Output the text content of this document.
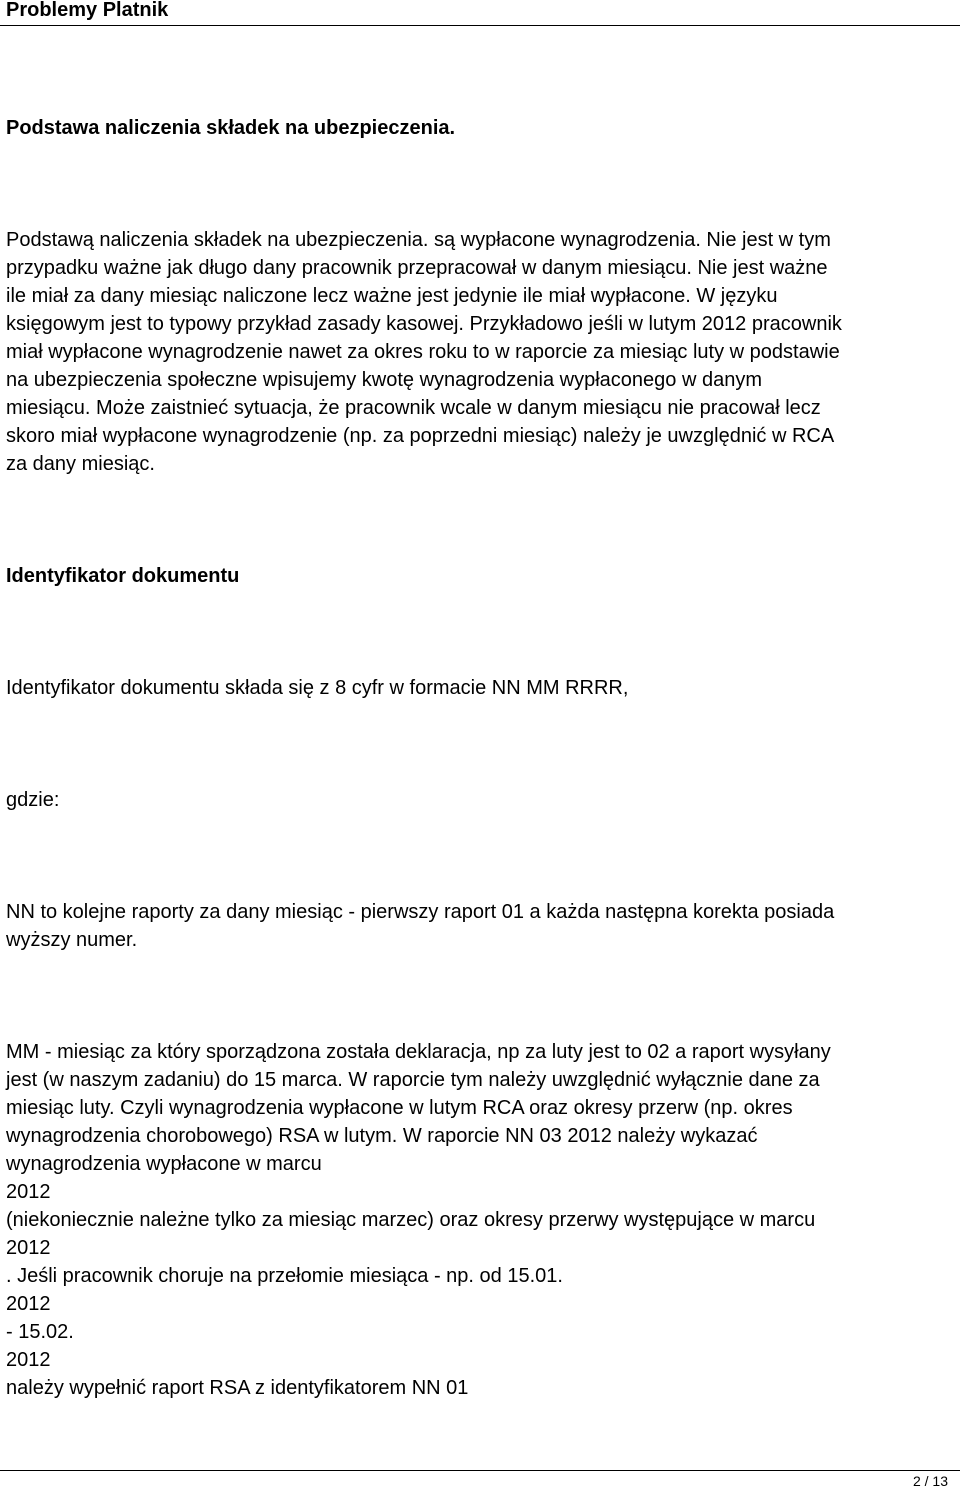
Problemy Platnik
Podstawa naliczenia składek na ubezpieczenia.
Podstawą naliczenia składek na ubezpieczenia. są wypłacone wynagrodzenia. Nie jest w tym
przypadku ważne jak długo dany pracownik przepracował w danym miesiącu. Nie jest ważne
ile miał za dany miesiąc naliczone lecz ważne jest jedynie ile miał wypłacone. W języku
księgowym jest to typowy przykład zasady kasowej. Przykładowo jeśli w lutym 2012 pracownik
miał wypłacone wynagrodzenie nawet za okres roku to w raporcie za miesiąc luty w podstawie
na ubezpieczenia społeczne wpisujemy kwotę wynagrodzenia wypłaconego w danym
miesiącu. Może zaistnieć sytuacja, że pracownik wcale w danym miesiącu nie pracował lecz
skoro miał wypłacone wynagrodzenie (np. za poprzedni miesiąc) należy je uwzględnić w RCA
za dany miesiąc.
Identyfikator dokumentu
Identyfikator dokumentu składa się z 8 cyfr w formacie NN MM RRRR,
gdzie:
NN to kolejne raporty za dany miesiąc - pierwszy raport 01 a każda następna korekta posiada
wyższy numer.
MM - miesiąc za który sporządzona została deklaracja, np za luty jest to 02 a raport wysyłany
jest (w naszym zadaniu) do 15 marca. W raporcie tym należy uwzględnić wyłącznie dane za
miesiąc luty. Czyli wynagrodzenia wypłacone w lutym RCA oraz okresy przerw (np. okres
wynagrodzenia chorobowego) RSA w lutym. W raporcie NN 03 2012 należy wykazać
wynagrodzenia wypłacone w marcu
2012
(niekoniecznie należne tylko za miesiąc marzec) oraz okresy przerwy występujące w marcu
2012
. Jeśli pracownik choruje na przełomie miesiąca - np. od 15.01.
2012
- 15.02.
2012
należy wypełnić raport RSA z identyfikatorem NN 01
2 / 13
